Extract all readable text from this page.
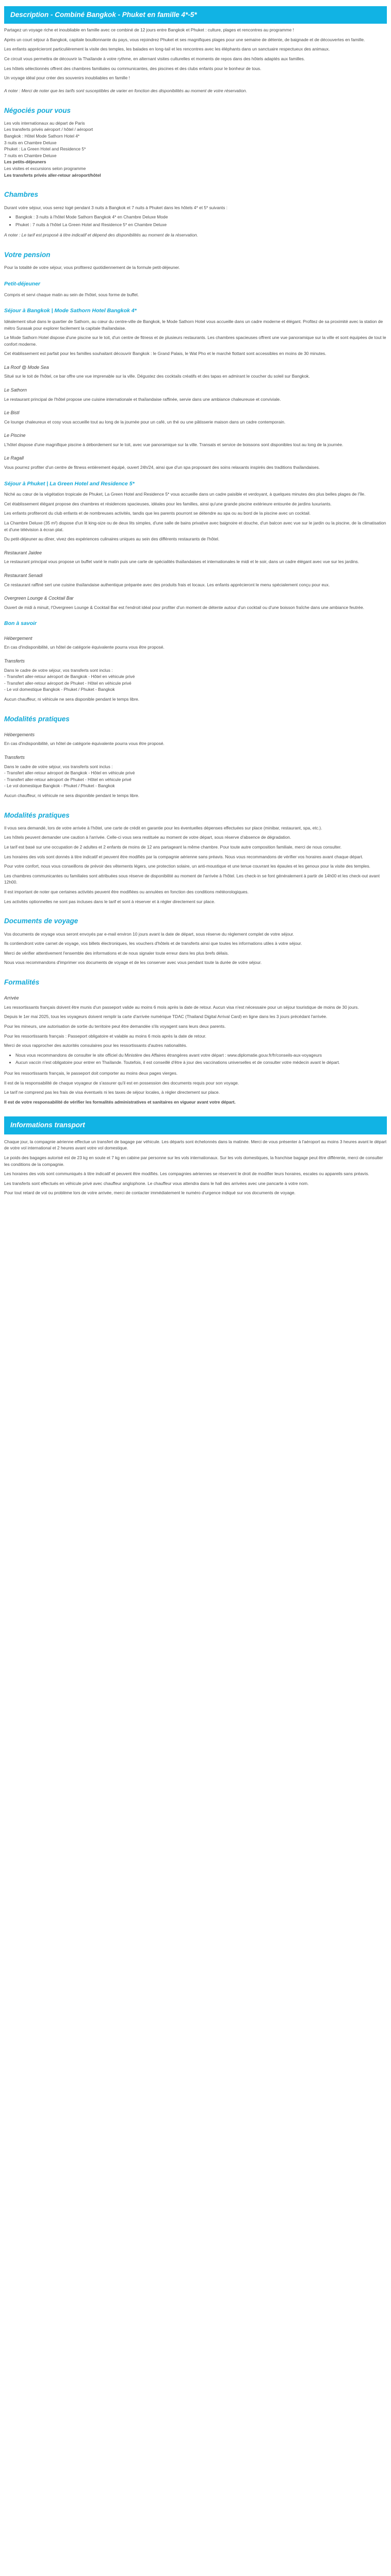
Description - Combiné Bangkok - Phuket en famille 4*-5*

Partagez un voyage riche et inoubliable en famille avec ce combiné de 12 jours entre Bangkok et Phuket : culture, plages et rencontres au programme !

Après un court séjour à Bangkok, capitale bouillonnante du pays, vous rejoindrez Phuket et ses magnifiques plages pour une semaine de détente, de baignade et de découvertes en famille.

Les enfants apprécieront particulièrement la visite des temples, les balades en long-tail et les rencontres avec les éléphants dans un sanctuaire respectueux des animaux.

Ce circuit vous permettra de découvrir la Thaïlande à votre rythme, en alternant visites culturelles et moments de repos dans des hôtels adaptés aux familles.

Les hôtels sélectionnés offrent des chambres familiales ou communicantes, des piscines et des clubs enfants pour le bonheur de tous.

Un voyage idéal pour créer des souvenirs inoubliables en famille !

A noter : Merci de noter que les tarifs sont susceptibles de varier en fonction des disponibilités au moment de votre réservation.

Négociés pour vous
Les vols internationaux au départ de Paris
Les transferts privés aéroport / hôtel / aéroport
Bangkok : Hôtel Mode Sathorn Hotel 4*
3 nuits en Chambre Deluxe
Phuket : La Green Hotel and Residence 5*
7 nuits en Chambre Deluxe
Les petits-déjeuners
Les visites et excursions selon programme
Les transferts privés aller-retour aéroport/hôtel
Chambres

Durant votre séjour, vous serez logé pendant 3 nuits à Bangkok et 7 nuits à Phuket dans les hôtels 4* et 5* suivants :

• Bangkok : 3 nuits à l'hôtel Mode Sathorn Bangkok 4* en Chambre Deluxe Mode
• Phuket : 7 nuits à l'hôtel La Green Hotel and Residence 5* en Chambre Deluxe

A noter : Le tarif est proposé à titre indicatif et dépend des disponibilités au moment de la réservation.

Votre pension

Pour la totalité de votre séjour, vous profiterez quotidiennement de la formule petit-déjeuner.

Petit-déjeuner

Compris et servi chaque matin au sein de l'hôtel, sous forme de buffet.

Séjour à Bangkok | Mode Sathorn Hotel Bangkok 4*

Idéalement situé dans le quartier de Sathorn, au cœur du centre-ville de Bangkok, le Mode Sathorn Hotel vous accueille dans un cadre moderne et élégant. Profitez de sa proximité avec la station de métro Surasak pour explorer facilement la capitale thaïlandaise.

Le Mode Sathorn Hotel dispose d'une piscine sur le toit, d'un centre de fitness et de plusieurs restaurants. Les chambres spacieuses offrent une vue panoramique sur la ville et sont équipées de tout le confort moderne.

Cet établissement est parfait pour les familles souhaitant découvrir Bangkok : le Grand Palais, le Wat Pho et le marché flottant sont accessibles en moins de 30 minutes.

La Roof @ Mode Sea

Situé sur le toit de l'hôtel, ce bar offre une vue imprenable sur la ville. Dégustez des cocktails créatifs et des tapas en admirant le coucher du soleil sur Bangkok.

Le Sathorn

Le restaurant principal de l'hôtel propose une cuisine internationale et thaïlandaise raffinée, servie dans une ambiance chaleureuse et conviviale.

Le Bistl

Ce lounge chaleureux et cosy vous accueille tout au long de la journée pour un café, un thé ou une pâtisserie maison dans un cadre contemporain.

Le Piscine

L'hôtel dispose d'une magnifique piscine à débordement sur le toit, avec vue panoramique sur la ville. Transats et service de boissons sont disponibles tout au long de la journée.

Le Ragall

Vous pourrez profiter d'un centre de fitness entièrement équipé, ouvert 24h/24, ainsi que d'un spa proposant des soins relaxants inspirés des traditions thaïlandaises.

Séjour à Phuket | La Green Hotel and Residence 5*

Niché au cœur de la végétation tropicale de Phuket, La Green Hotel and Residence 5* vous accueille dans un cadre paisible et verdoyant, à quelques minutes des plus belles plages de l'île.

Cet établissement élégant propose des chambres et résidences spacieuses, idéales pour les familles, ainsi qu'une grande piscine extérieure entourée de jardins luxuriants.

Les enfants profiteront du club enfants et de nombreuses activités, tandis que les parents pourront se détendre au spa ou au bord de la piscine avec un cocktail.

La Chambre Deluxe (35 m²) dispose d'un lit king-size ou de deux lits simples, d'une salle de bains privative avec baignoire et douche, d'un balcon avec vue sur le jardin ou la piscine, de la climatisation et d'une télévision à écran plat.

Du petit-déjeuner au dîner, vivez des expériences culinaires uniques au sein des différents restaurants de l'hôtel.

Restaurant Jaidee

Le restaurant principal vous propose un buffet varié le matin puis une carte de spécialités thaïlandaises et internationales le midi et le soir, dans un cadre élégant avec vue sur les jardins.

Restaurant Senadi

Ce restaurant raffiné sert une cuisine thaïlandaise authentique préparée avec des produits frais et locaux. Les enfants apprécieront le menu spécialement conçu pour eux.

Overgreen Lounge & Cocktail Bar

Ouvert de midi à minuit, l'Overgreen Lounge & Cocktail Bar est l'endroit idéal pour profiter d'un moment de détente autour d'un cocktail ou d'une boisson fraîche dans une ambiance feutrée.

Bon à savoir
Hébergement

En cas d'indisponibilité, un hôtel de catégorie équivalente pourra vous être proposé.

Transferts
Dans le cadre de votre séjour, vos transferts sont inclus :
- Transfert aller-retour aéroport de Bangkok - Hôtel en véhicule privé
- Transfert aller-retour aéroport de Phuket - Hôtel en véhicule privé
- Le vol domestique Bangkok - Phuket / Phuket - Bangkok

Aucun chauffeur, ni véhicule ne sera disponible pendant le temps libre.

Modalités pratiques
Hébergements

En cas d'indisponibilité, un hôtel de catégorie équivalente pourra vous être proposé.

Transferts
Dans le cadre de votre séjour, vos transferts sont inclus :
- Transfert aller-retour aéroport de Bangkok - Hôtel en véhicule privé
- Transfert aller-retour aéroport de Phuket - Hôtel en véhicule privé
- Le vol domestique Bangkok - Phuket / Phuket - Bangkok

Aucun chauffeur, ni véhicule ne sera disponible pendant le temps libre.

Modalités pratiques

Il vous sera demandé, lors de votre arrivée à l'hôtel, une carte de crédit en garantie pour les éventuelles dépenses effectuées sur place (minibar, restaurant, spa, etc.).

Les hôtels peuvent demander une caution à l'arrivée. Celle-ci vous sera restituée au moment de votre départ, sous réserve d'absence de dégradation.

Le tarif est basé sur une occupation de 2 adultes et 2 enfants de moins de 12 ans partageant la même chambre. Pour toute autre composition familiale, merci de nous consulter.

Les horaires des vols sont donnés à titre indicatif et peuvent être modifiés par la compagnie aérienne sans préavis. Nous vous recommandons de vérifier vos horaires avant chaque départ.

Pour votre confort, nous vous conseillons de prévoir des vêtements légers, une protection solaire, un anti-moustique et une tenue couvrant les épaules et les genoux pour la visite des temples.

Les chambres communicantes ou familiales sont attribuées sous réserve de disponibilité au moment de l'arrivée à l'hôtel. Les check-in se font généralement à partir de 14h00 et les check-out avant 12h00.

Il est important de noter que certaines activités peuvent être modifiées ou annulées en fonction des conditions météorologiques.

Les activités optionnelles ne sont pas incluses dans le tarif et sont à réserver et à régler directement sur place.

Documents de voyage

Vos documents de voyage vous seront envoyés par e-mail environ 10 jours avant la date de départ, sous réserve du règlement complet de votre séjour.

Ils contiendront votre carnet de voyage, vos billets électroniques, les vouchers d'hôtels et de transferts ainsi que toutes les informations utiles à votre séjour.

Merci de vérifier attentivement l'ensemble des informations et de nous signaler toute erreur dans les plus brefs délais.

Nous vous recommandons d'imprimer vos documents de voyage et de les conserver avec vous pendant toute la durée de votre séjour.

Formalités
Arrivée

Les ressortissants français doivent être munis d'un passeport valide au moins 6 mois après la date de retour. Aucun visa n'est nécessaire pour un séjour touristique de moins de 30 jours.

Depuis le 1er mai 2025, tous les voyageurs doivent remplir la carte d'arrivée numérique TDAC (Thailand Digital Arrival Card) en ligne dans les 3 jours précédant l'arrivée.

Pour les mineurs, une autorisation de sortie du territoire peut être demandée s'ils voyagent sans leurs deux parents.

Pour les ressortissants français : Passeport obligatoire et valable au moins 6 mois après la date de retour.

Merci de vous rapprocher des autorités consulaires pour les ressortissants d'autres nationalités.

• Nous vous recommandons de consulter le site officiel du Ministère des Affaires étrangères avant votre départ : www.diplomatie.gouv.fr/fr/conseils-aux-voyageurs
• Aucun vaccin n'est obligatoire pour entrer en Thaïlande. Toutefois, il est conseillé d'être à jour des vaccinations universelles et de consulter votre médecin avant le départ.

Pour les ressortissants français, le passeport doit comporter au moins deux pages vierges.

Il est de la responsabilité de chaque voyageur de s'assurer qu'il est en possession des documents requis pour son voyage.

Le tarif ne comprend pas les frais de visa éventuels ni les taxes de séjour locales, à régler directement sur place.

Il est de votre responsabilité de vérifier les formalités administratives et sanitaires en vigueur avant votre départ.

Informations transport

Chaque jour, la compagnie aérienne effectue un transfert de bagage par véhicule. Les départs sont échelonnés dans la matinée. Merci de vous présenter à l'aéroport au moins 3 heures avant le départ de votre vol international et 2 heures avant votre vol domestique.

Le poids des bagages autorisé est de 23 kg en soute et 7 kg en cabine par personne sur les vols internationaux. Sur les vols domestiques, la franchise bagage peut être différente, merci de consulter les conditions de la compagnie.

Les horaires des vols sont communiqués à titre indicatif et peuvent être modifiés. Les compagnies aériennes se réservent le droit de modifier leurs horaires, escales ou appareils sans préavis.

Les transferts sont effectués en véhicule privé avec chauffeur anglophone. Le chauffeur vous attendra dans le hall des arrivées avec une pancarte à votre nom.

Pour tout retard de vol ou problème lors de votre arrivée, merci de contacter immédiatement le numéro d'urgence indiqué sur vos documents de voyage.
